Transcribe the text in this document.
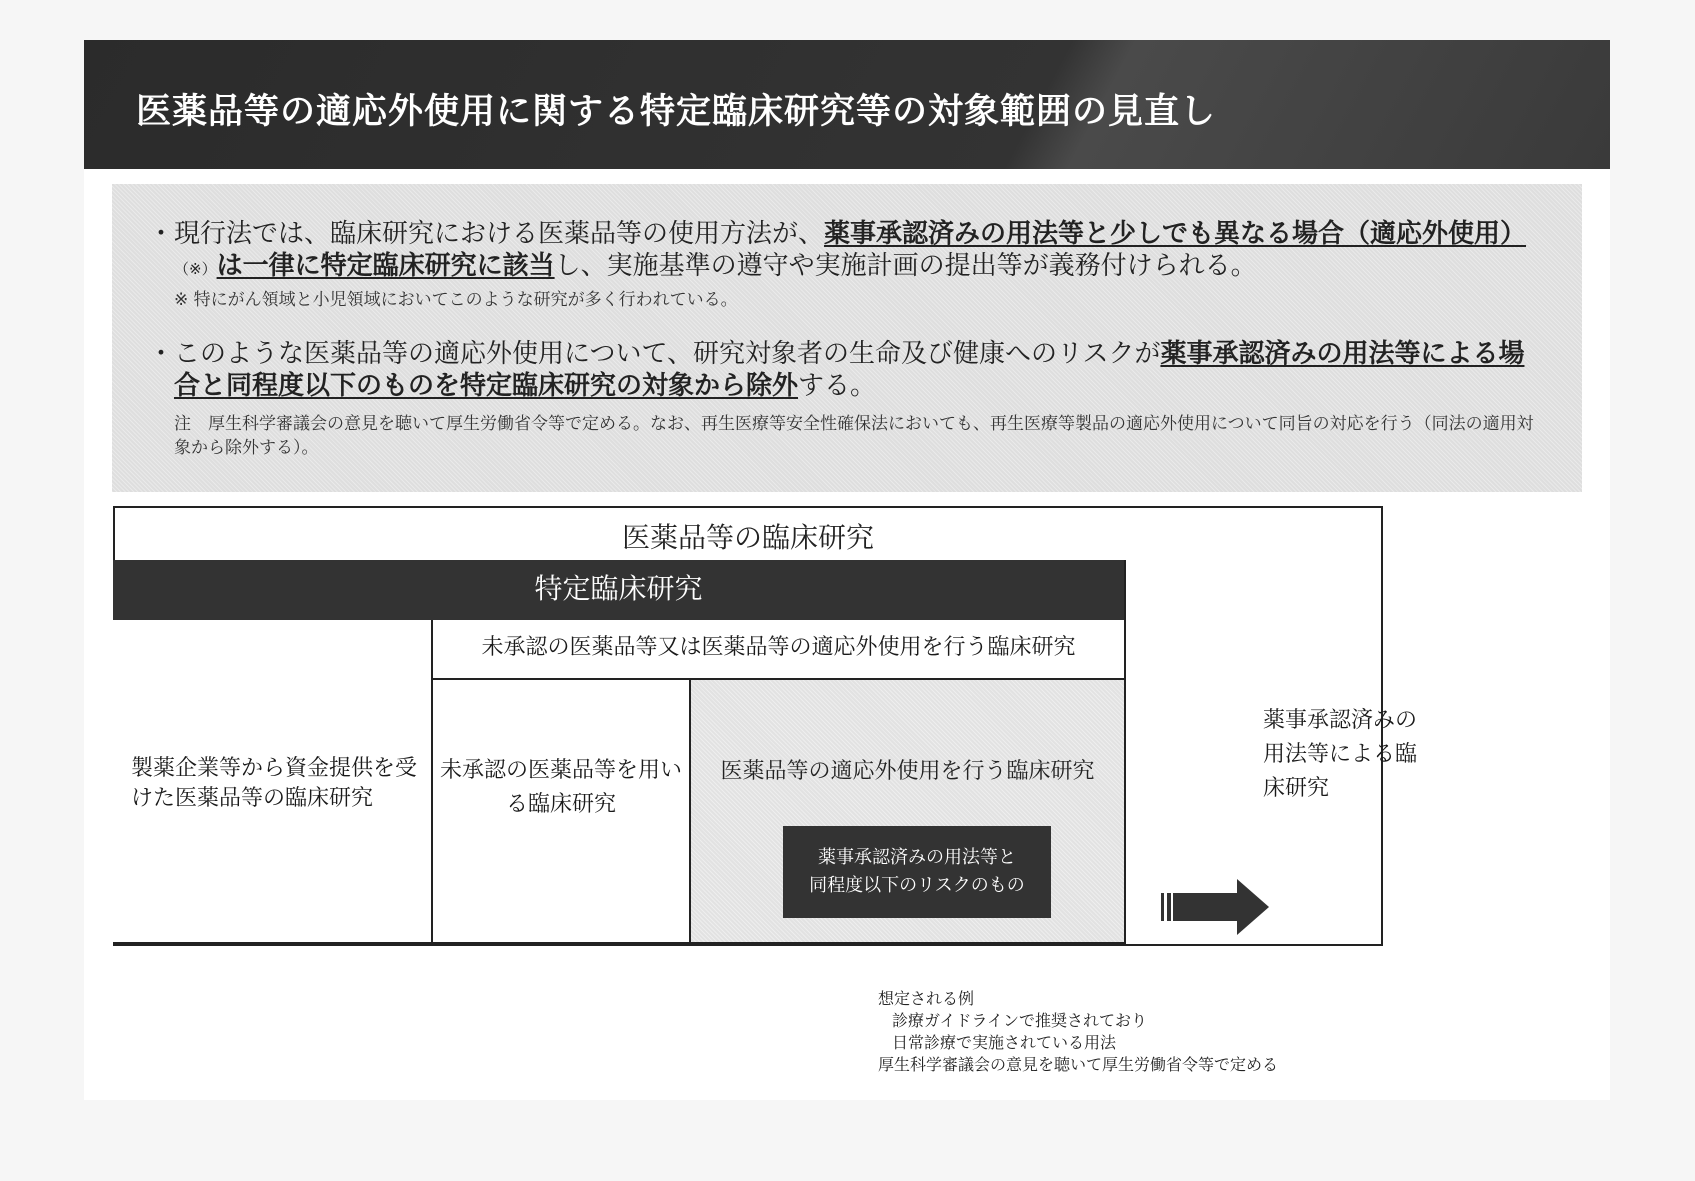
医薬品等の適応外使用に関する特定臨床研究等の対象範囲の見直し
・ 現行法では、臨床研究における医薬品等の使用方法が、薬事承認済みの用法等と少しでも異なる場合（適応外使用）（※）は一律に特定臨床研究に該当し、実施基準の遵守や実施計画の提出等が義務付けられる。
※ 特にがん領域と小児領域においてこのような研究が多く行われている。
・ このような医薬品等の適応外使用について、研究対象者の生命及び健康へのリスクが薬事承認済みの用法等による場合と同程度以下のものを特定臨床研究の対象から除外する。
注　厚生科学審議会の意見を聴いて厚生労働省令等で定める。なお、再生医療等安全性確保法においても、再生医療等製品の適応外使用について同旨の対応を行う（同法の適用対象から除外する）。
医薬品等の臨床研究
薬事承認済みの用法等による臨床研究
特定臨床研究
製薬企業等から資金提供を受けた医薬品等の臨床研究
未承認の医薬品等又は医薬品等の適応外使用を行う臨床研究
未承認の医薬品等を用いる臨床研究
医薬品等の適応外使用を行う臨床研究
薬事承認済みの用法等と
同程度以下のリスクのもの
想定される例
診療ガイドラインで推奨されており
日常診療で実施されている用法
厚生科学審議会の意見を聴いて厚生労働省令等で定める
